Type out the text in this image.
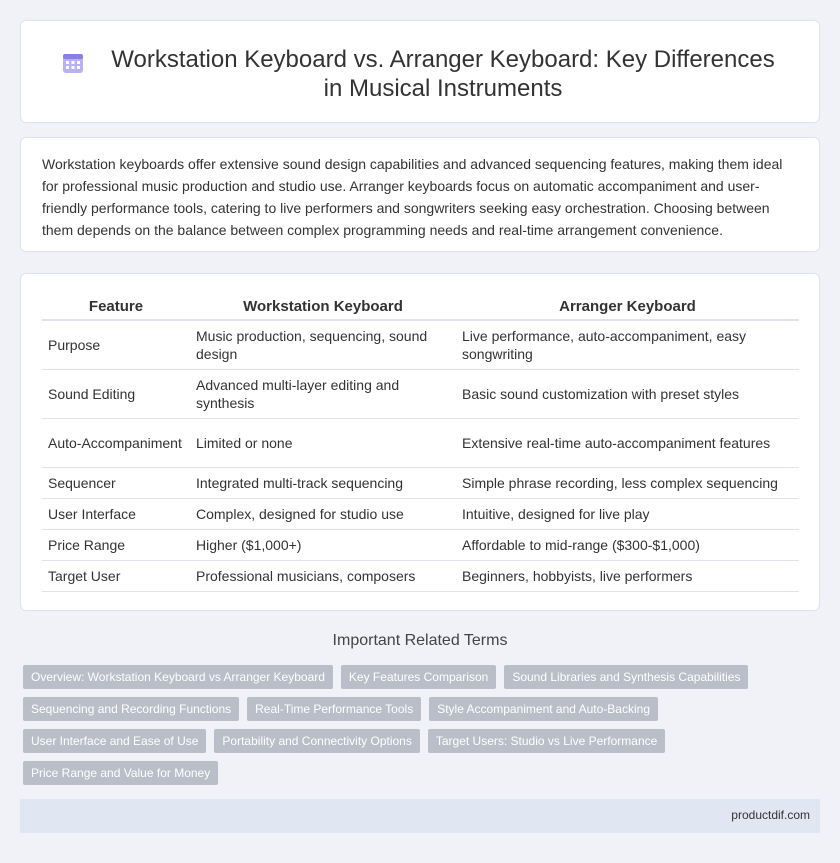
Workstation Keyboard vs. Arranger Keyboard: Key Differences in Musical Instruments

Workstation keyboards offer extensive sound design capabilities and advanced sequencing features, making them ideal for professional music production and studio use. Arranger keyboards focus on automatic accompaniment and user-friendly performance tools, catering to live performers and songwriters seeking easy orchestration. Choosing between them depends on the balance between complex programming needs and real-time arrangement convenience.

Feature	Workstation Keyboard	Arranger Keyboard
Purpose	Music production, sequencing, sound design	Live performance, auto-accompaniment, easy songwriting
Sound Editing	Advanced multi-layer editing and synthesis	Basic sound customization with preset styles
Auto-Accompaniment	Limited or none	Extensive real-time auto-accompaniment features
Sequencer	Integrated multi-track sequencing	Simple phrase recording, less complex sequencing
User Interface	Complex, designed for studio use	Intuitive, designed for live play
Price Range	Higher ($1,000+)	Affordable to mid-range ($300-$1,000)
Target User	Professional musicians, composers	Beginners, hobbyists, live performers
Important Related Terms
Overview: Workstation Keyboard vs Arranger Keyboard	Key Features Comparison	Sound Libraries and Synthesis Capabilities
Sequencing and Recording Functions	Real-Time Performance Tools	Style Accompaniment and Auto-Backing
User Interface and Ease of Use	Portability and Connectivity Options	Target Users: Studio vs Live Performance
Price Range and Value for Money
productdif.com
